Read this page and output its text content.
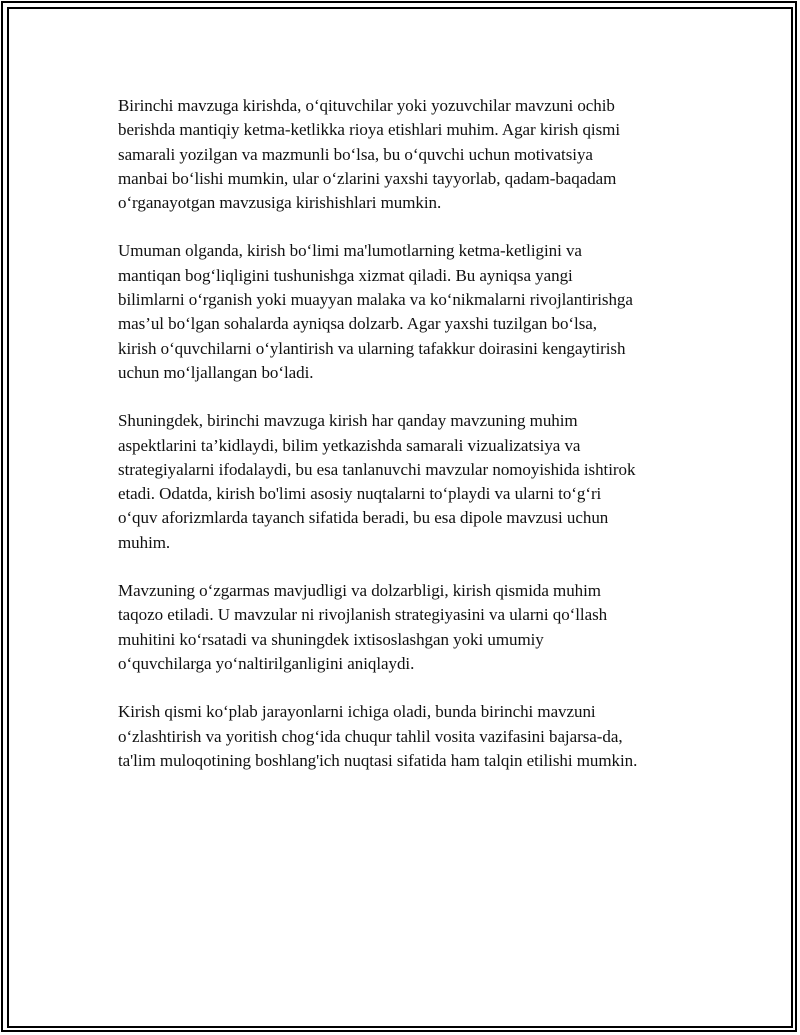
Birinchi mavzuga kirishda, oʻqituvchilar yoki yozuvchilar mavzuni ochib
berishda mantiqiy ketma-ketlikka rioya etishlari muhim. Agar kirish qismi
samarali yozilgan va mazmunli boʻlsa, bu oʻquvchi uchun motivatsiya
manbai boʻlishi mumkin, ular oʻzlarini yaxshi tayyorlab, qadam-baqadam
oʻrganayotgan mavzusiga kirishishlari mumkin.

Umuman olganda, kirish boʻlimi ma'lumotlarning ketma-ketligini va
mantiqan bogʻliqligini tushunishga xizmat qiladi. Bu ayniqsa yangi
bilimlarni oʻrganish yoki muayyan malaka va koʻnikmalarni rivojlantirishga
mas’ul boʻlgan sohalarda ayniqsa dolzarb. Agar yaxshi tuzilgan boʻlsa,
kirish oʻquvchilarni oʻylantirish va ularning tafakkur doirasini kengaytirish
uchun moʻljallangan boʻladi.

Shuningdek, birinchi mavzuga kirish har qanday mavzuning muhim
aspektlarini ta’kidlaydi, bilim yetkazishda samarali vizualizatsiya va
strategiyalarni ifodalaydi, bu esa tanlanuvchi mavzular nomoyishida ishtirok
etadi. Odatda, kirish bo'limi asosiy nuqtalarni toʻplaydi va ularni toʻgʻri
oʻquv aforizmlarda tayanch sifatida beradi, bu esa dipole mavzusi uchun
muhim.

Mavzuning oʻzgarmas mavjudligi va dolzarbligi, kirish qismida muhim
taqozo etiladi. U mavzular ni rivojlanish strategiyasini va ularni qoʻllash
muhitini koʻrsatadi va shuningdek ixtisoslashgan yoki umumiy
oʻquvchilarga yoʻnaltirilganligini aniqlaydi.

Kirish qismi koʻplab jarayonlarni ichiga oladi, bunda birinchi mavzuni
oʻzlashtirish va yoritish chogʻida chuqur tahlil vosita vazifasini bajarsa-da,
ta'lim muloqotining boshlang'ich nuqtasi sifatida ham talqin etilishi mumkin.
